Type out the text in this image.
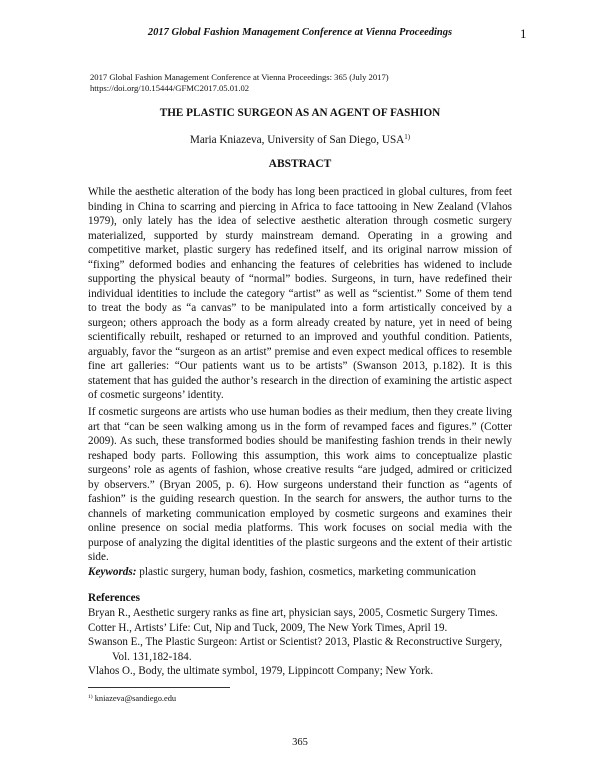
2017 Global Fashion Management Conference at Vienna Proceedings	1
2017 Global Fashion Management Conference at Vienna Proceedings: 365 (July 2017)
https://doi.org/10.15444/GFMC2017.05.01.02
THE PLASTIC SURGEON AS AN AGENT OF FASHION
Maria Kniazeva, University of San Diego, USA$^{1)}$
ABSTRACT

While the aesthetic alteration of the body has long been practiced in global cultures, from feet binding in China to scarring and piercing in Africa to face tattooing in New Zealand (Vlahos 1979), only lately has the idea of selective aesthetic alteration through cosmetic surgery materialized, supported by sturdy mainstream demand. Operating in a growing and competitive market, plastic surgery has redefined itself, and its original narrow mission of “fixing” deformed bodies and enhancing the features of celebrities has widened to include supporting the physical beauty of “normal” bodies. Surgeons, in turn, have redefined their individual identities to include the category “artist” as well as “scientist.” Some of them tend to treat the body as “a canvas” to be manipulated into a form artistically conceived by a surgeon; others approach the body as a form already created by nature, yet in need of being scientifically rebuilt, reshaped or returned to an improved and youthful condition. Patients, arguably, favor the “surgeon as an artist” premise and even expect medical offices to resemble fine art galleries: “Our patients want us to be artists” (Swanson 2013, p.182). It is this statement that has guided the author’s research in the direction of examining the artistic aspect of cosmetic surgeons’ identity.

If cosmetic surgeons are artists who use human bodies as their medium, then they create living art that “can be seen walking among us in the form of revamped faces and figures.” (Cotter 2009). As such, these transformed bodies should be manifesting fashion trends in their newly reshaped body parts. Following this assumption, this work aims to conceptualize plastic surgeons’ role as agents of fashion, whose creative results “are judged, admired or criticized by observers.” (Bryan 2005, p. 6). How surgeons understand their function as “agents of fashion” is the guiding research question. In the search for answers, the author turns to the channels of marketing communication employed by cosmetic surgeons and examines their online presence on social media platforms. This work focuses on social media with the purpose of analyzing the digital identities of the plastic surgeons and the extent of their artistic side.

Keywords: plastic surgery, human body, fashion, cosmetics, marketing communication
References

Bryan R., Aesthetic surgery ranks as fine art, physician says, 2005, Cosmetic Surgery Times.

Cotter H., Artists’ Life: Cut, Nip and Tuck, 2009, The New York Times, April 19.

Swanson E., The Plastic Surgeon: Artist or Scientist? 2013, Plastic & Reconstructive Surgery,

Vol. 131,182-184.

Vlahos O., Body, the ultimate symbol, 1979, Lippincott Company; New York.

$^{1)}$ kniazeva@sandiego.edu
365
